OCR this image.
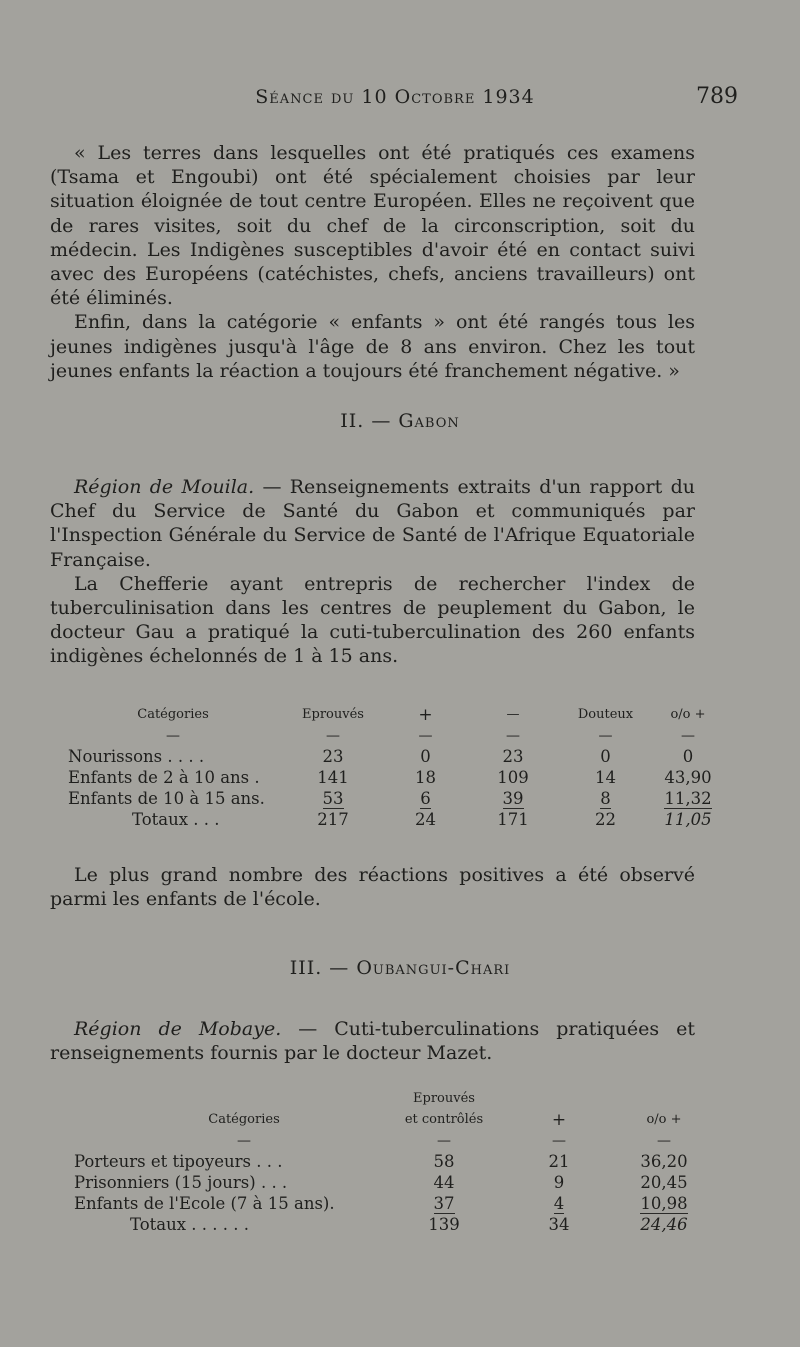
Séance du 10 Octobre 1934	789

« Les terres dans lesquelles ont été pratiqués ces examens (Tsama et Engoubi) ont été spécialement choisies par leur situation éloignée de tout centre Européen. Elles ne reçoivent que de rares visites, soit du chef de la circonscription, soit du médecin. Les Indigènes susceptibles d'avoir été en contact suivi avec des Européens (catéchistes, chefs, anciens travailleurs) ont été éliminés.

Enfin, dans la catégorie « enfants » ont été rangés tous les jeunes indigènes jusqu'à l'âge de 8 ans environ. Chez les tout jeunes enfants la réaction a toujours été franchement négative. »

II. — Gabon

Région de Mouila. — Renseignements extraits d'un rapport du Chef du Service de Santé du Gabon et communiqués par l'Inspection Générale du Service de Santé de l'Afrique Equatoriale Française.

La Chefferie ayant entrepris de rechercher l'index de tuberculinisation dans les centres de peuplement du Gabon, le docteur Gau a pratiqué la cuti-tuberculination des 260 enfants indigènes échelonnés de 1 à 15 ans.

Catégories	Eprouvés	+	—	Douteux	o/o +
—	—	—	—	—	—
Nourissons . . . .	23	0	23	0	0
Enfants de 2 à 10 ans .	141	18	109	14	43,90
Enfants de 10 à 15 ans.	53	6	39	8	11,32
Totaux . . .	217	24	171	22	11,05

Le plus grand nombre des réactions positives a été observé parmi les enfants de l'école.

III. — Oubangui-Chari

Région de Mobaye. — Cuti-tuberculinations pratiquées et renseignements fournis par le docteur Mazet.

	Eprouvés		
Catégories	et contrôlés	+	o/o +
—	—	—	—
Porteurs et tipoyeurs . . .	58	21	36,20
Prisonniers (15 jours) . . .	44	9	20,45
Enfants de l'Ecole (7 à 15 ans).	37	4	10,98
Totaux . . . . . .	139	34	24,46
